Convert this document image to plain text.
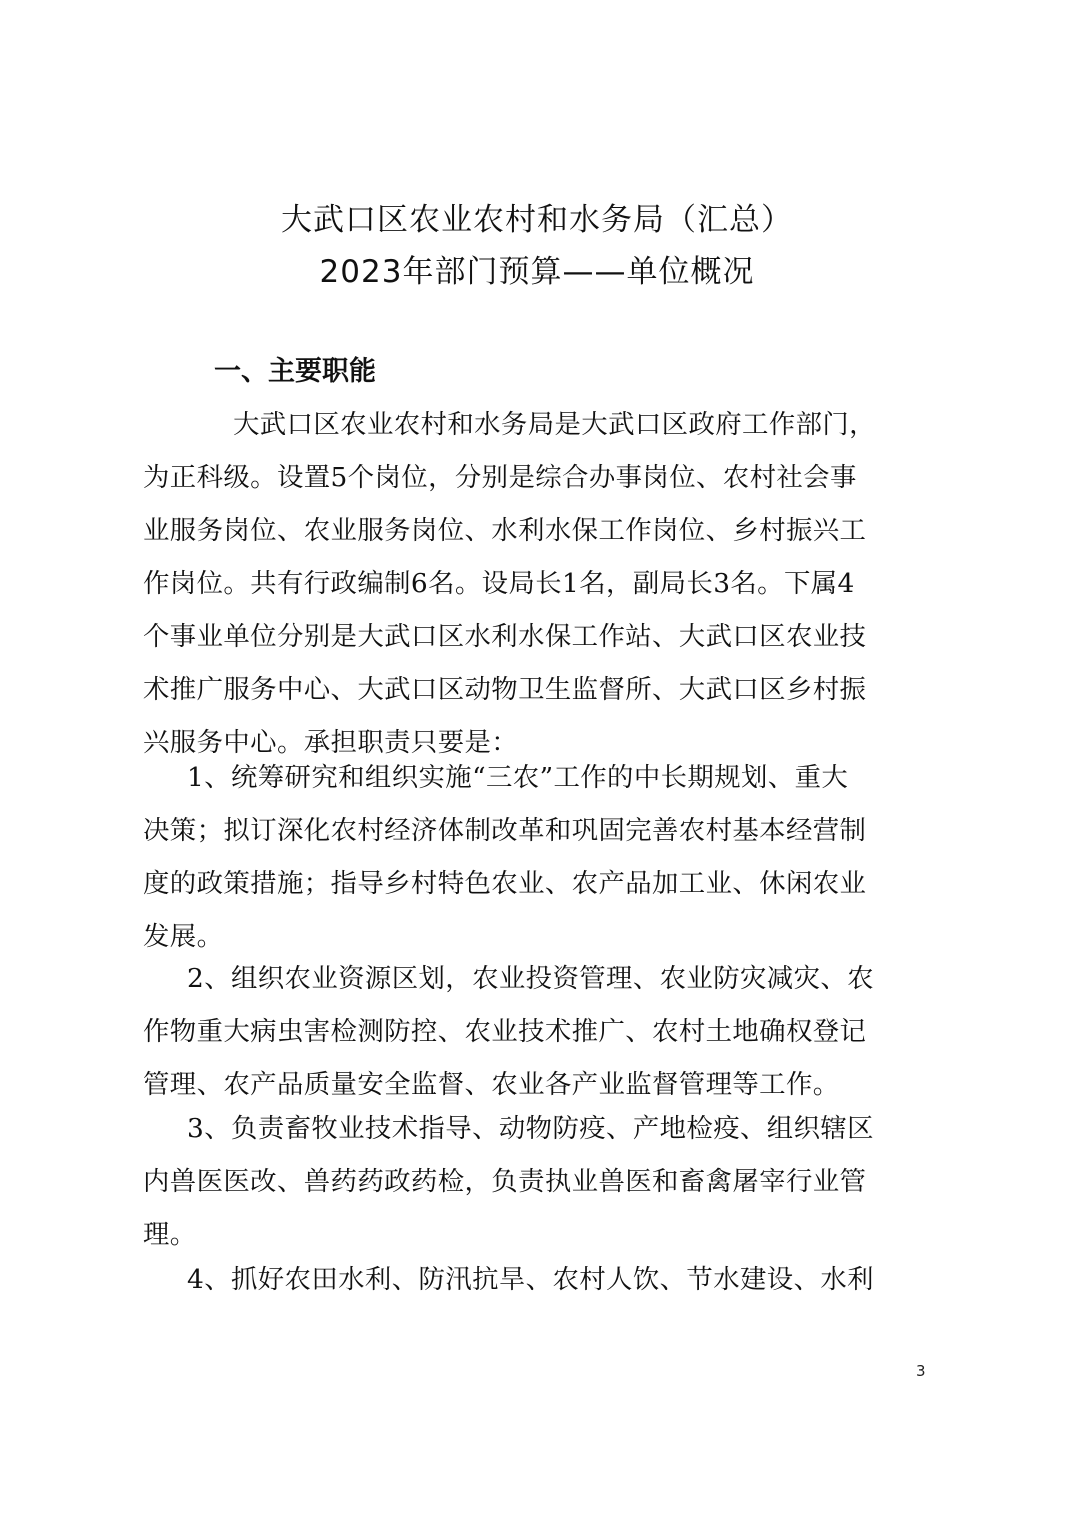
大武口区农业农村和水务局（汇总）
2023年部门预算——单位概况
一、主要职能
大武口区农业农村和水务局是大武口区政府工作部门，
为正科级。设置5个岗位，分别是综合办事岗位、农村社会事
业服务岗位、农业服务岗位、水利水保工作岗位、乡村振兴工
作岗位。共有行政编制6名。设局长1名，副局长3名。下属4
个事业单位分别是大武口区水利水保工作站、大武口区农业技
术推广服务中心、大武口区动物卫生监督所、大武口区乡村振
兴服务中心。承担职责只要是：
1、统筹研究和组织实施“三农”工作的中长期规划、重大
决策；拟订深化农村经济体制改革和巩固完善农村基本经营制
度的政策措施；指导乡村特色农业、农产品加工业、休闲农业
发展。
2、组织农业资源区划，农业投资管理、农业防灾减灾、农
作物重大病虫害检测防控、农业技术推广、农村土地确权登记
管理、农产品质量安全监督、农业各产业监督管理等工作。
3、负责畜牧业技术指导、动物防疫、产地检疫、组织辖区
内兽医医改、兽药药政药检，负责执业兽医和畜禽屠宰行业管
理。
4、抓好农田水利、防汛抗旱、农村人饮、节水建设、水利
3
